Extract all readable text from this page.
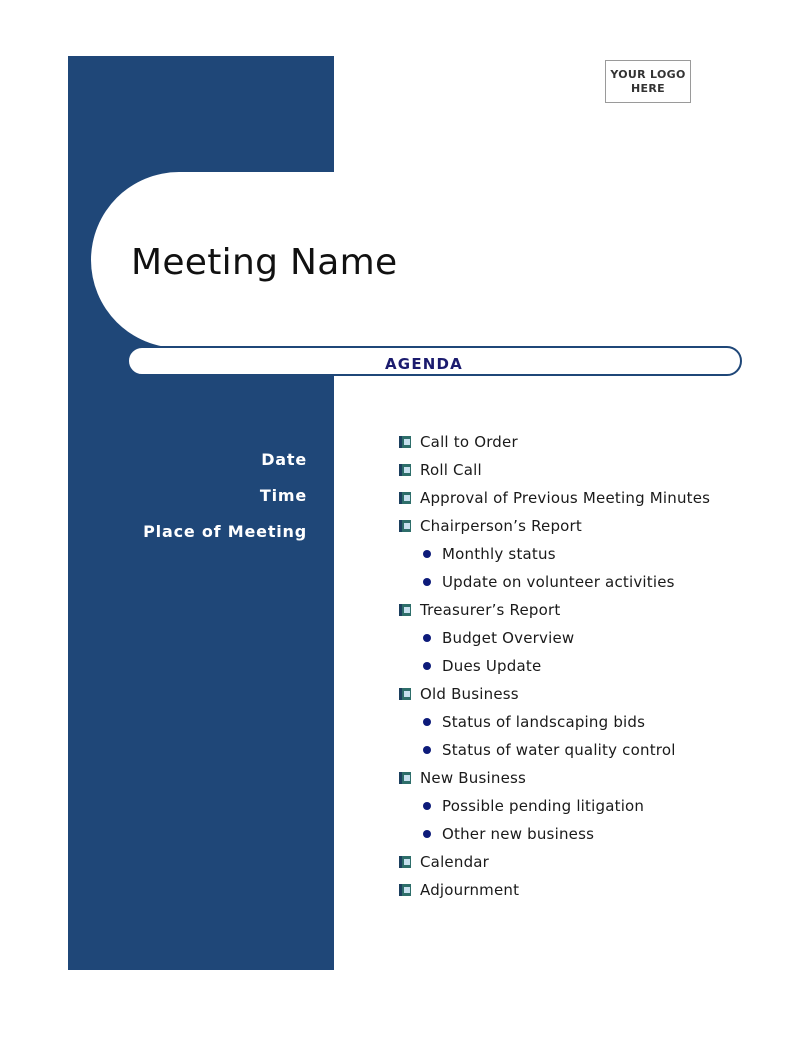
YOUR LOGO
HERE
Meeting Name
AGENDA
Date
Time
Place of Meeting
Call to Order
Roll Call
Approval of Previous Meeting Minutes
Chairperson’s Report
Monthly status
Update on volunteer activities
Treasurer’s Report
Budget Overview
Dues Update
Old Business
Status of landscaping bids
Status of water quality control
New Business
Possible pending litigation
Other new business
Calendar
Adjournment
